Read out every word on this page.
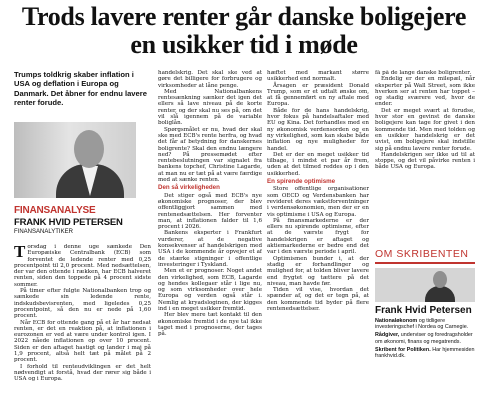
Trods lavere renter går danske boligejere en usikker tid i møde

Trumps toldkrig skaber inflation i USA og deflation i Europa og Danmark. Det åbner for endnu lavere renter forude.

FINANSANALYSE

FRANK HVID PETERSEN

FINANSANALYTIKER

Torsdag i denne uge sænkede Den Europæiske Centralbank (ECB) som forventet de ledende renter med 0,25 procentpoint til 2,0 procent. Med nedsættelsen, der var den ottende i rækken, har ECB halveret renten, siden den toppede på 4 procent sidste sommer.

På timer efter fulgte Nationalbanken trop og sænkede sin ledende rente, indskudsbevisrenten, med ligeledes 0,25 procentpoint, så den nu er nede på 1,60 procent.

Når ECB for ottende gang på et år har nedsat renten, er det en reaktion på, at inflationen i eurozonen er ved at være under kontrol igen. I 2022 nåede inflationen op over 10 procent. Siden er den aftaget hastigt og lander i maj på 1,9 procent, altså helt tæt på målet på 2 procent.

I forhold til renteudviklingen er det helt nødvendigt at forstå, hvad der rører sig både i USA og i Europa.

handelskrig. Det skal ske ved at gøre det billigere for forbrugere og virksomheder at låne penge.

Med Nationalbankens rentesænkning sænker det igen det ellers så lave niveau på de korte renter, og der skal nu ses på, om det vil slå igennem på de variable boliglån.

Spørgsmålet er nu, hvad der skal ske med ECB's rente herfra, og hvad det får af betydning for danskernes boligrente? Skal den endnu længere ned? På pressemødet efter rentebeslutningen var signalet fra bankens topchef, Christine Lagarde, at man nu er tæt på at være færdige med at sænke renten.

Den så virkeligheden

Det stiger også med ECB's nye økonomiske prognoser, der blev offentliggjort sammen med rentenedsættelsen. Her forventer man, at inflationen falder til 1,6 procent i 2026.

Bankens eksperter i Frankfurt vurderer, at de negative konsekvenser af handelskrigen med USA i de kommende år opvejer et af de stærke stigninger i offentlige investeringer i Tyskland.

Men et er prognoser. Noget andet den virkelighed, som ECB, Lagarde og hendes kollegaer står i lige nu, og som virksomheder over hele Europa og verden også står i. Nemlig at kryadsloginen, der kigges ind i en meget usikker fremtid.

Her blev mere tæt kontakt til den økonomiske fremtid i de nye tal ikke taget med i prognoserne, der tages på.

hæftet med markant større usikkerhed end normalt.

Årsagen er præsident Donald Trump, som er et udtalt ønske om, at få gennemført en ny aftale med Europa.

Både for de hans handelskrig, hvor fokus på handelsaftaler med EU og Kina. Det forhandles med en ny økonomisk verdensorden og en ny virkelighed, som kan skabe både inflation og nye muligheder for handel.

Det er der en meget usikker tid tilbage, i mindst et par år frem, uden at det tilmed reddes op i den usikkerhed.

En spirende optimisme

Store offentlige organisationer som OECD og Verdensbanken har revideret deres vækstforventninger i verdensøkonomien, men der er en vis optimisme i USA og Europa.

På finansmarkederne er der ellers nu spirende optimisme, efter at de værste frygt for handelskrigen er aftaget og aktiemarkederne er bedre end det var i den værste periode i april.

Optimismen bunder i, at der stadig er forhandlinger og mulighed for, at tolden bliver lavere end frygtet og tættere på det niveau, man havde før.

Tiden vil vise, hvordan det spænder af, og det er tegn på, at den kommende tid byder på flere rentenedsættelser.

få på de lange danske boligrenter.

Endelig er der en milepæl, når eksperter på Wall Street, som ikke hverken ser at renten har toppet – og stadig sværere ved, hvor de ender.

Det er meget svært at forudse, hvor stor en gevinst de danske boligejere kan tage for givet i den kommende tid. Men med tolden og en usikker handelskrig er det uvist, om boligejere skal indstille sig på endnu lavere renter forude.

Handelskrigen ser ikke ud til at stoppe, og det vil påvirke renten i både USA og Europa.

OM SKRIBENTEN

Frank Hvid Petersen

Nationaløkonom og tidligere investeringschef i Nordea og Carnegie.

Rådgiver, underviser og foredragsholder om økonomi, finans og megatrends.

Skribent for Politiken. Har hjemmesiden frankhvid.dk.
